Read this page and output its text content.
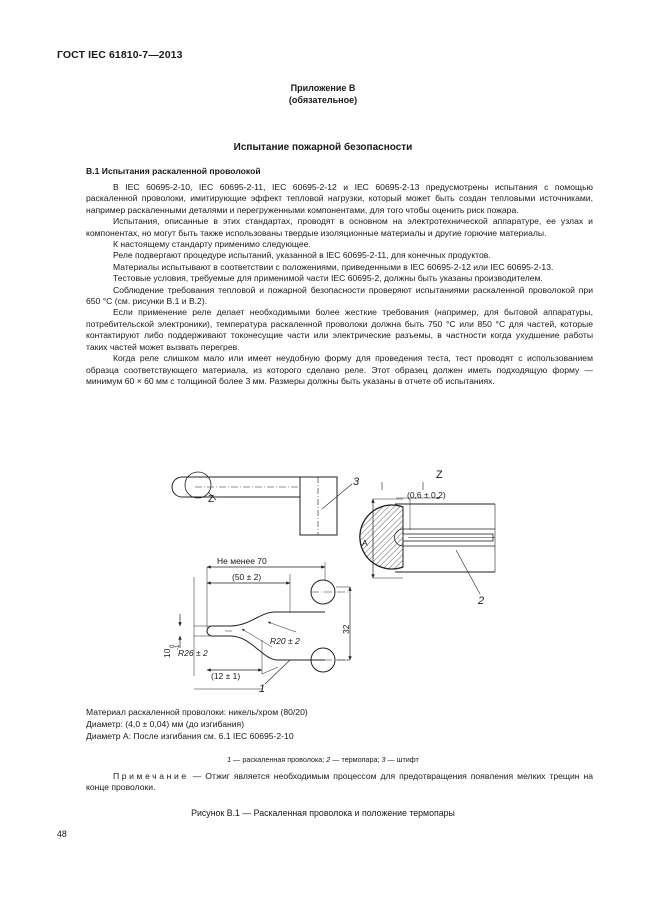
ГОСТ IEC 61810-7—2013
Приложение В
(обязательное)
Испытание пожарной безопасности
B.1 Испытания раскаленной проволокой

В IEC 60695-2-10, IEC 60695-2-11, IEC 60695-2-12 и IEC 60695-2-13 предусмотрены испытания с помощью раскаленной проволоки, имитирующие эффект тепловой нагрузки, который может быть создан тепловыми источниками, например раскаленными деталями и перегруженными компонентами, для того чтобы оценить риск пожара.

Испытания, описанные в этих стандартах, проводят в основном на электротехнической аппаратуре, ее узлах и компонентах, но могут быть также использованы твердые изоляционные материалы и другие горючие материалы.

К настоящему стандарту применимо следующее.

Реле подвергают процедуре испытаний, указанной в IEC 60695-2-11, для конечных продуктов.

Материалы испытывают в соответствии с положениями, приведенными в IEC 60695-2-12 или IEC 60695-2-13.

Тестовые условия, требуемые для применимой части IEC 60695-2, должны быть указаны производителем.

Соблюдение требования тепловой и пожарной безопасности проверяют испытаниями раскаленной проволокой при 650 °С (см. рисунки В.1 и В.2).

Если применение реле делает необходимыми более жесткие требования (например, для бытовой аппаратуры, потребительской электроники), температура раскаленной проволоки должна быть 750 °С или 850 °С для частей, которые контактируют либо поддерживают токонесущие части или электрические разъемы, в частности когда ухудшение работы таких частей может вызвать перегрев.

Когда реле слишком мало или имеет неудобную форму для проведения теста, тест проводят с использованием образца соответствующего материала, из которого сделано реле. Этот образец должен иметь подходящую форму — минимум 60 × 60 мм с толщиной более 3 мм. Размеры должны быть указаны в отчете об испытаниях.

Z
3
Z
(0,6 ± 0,2)
A
2
Не менее 70
(50 ± 2)
R20 ± 2
R26 ± 2
(12 ± 1)
32
10
0 -1
1
Материал раскаленной проволоки: никель/хром (80/20)
Диаметр: (4,0 ± 0,04) мм (до изгибания)
Диаметр А: После изгибания см. 6.1 IEC 60695-2-10
1 — раскаленная проволока; 2 — термопара; 3 — штифт
Примечание — Отжиг является необходимым процессом для предотвращения появления мелких трещин на конце проволоки.
Рисунок В.1 — Раскаленная проволока и положение термопары
48
